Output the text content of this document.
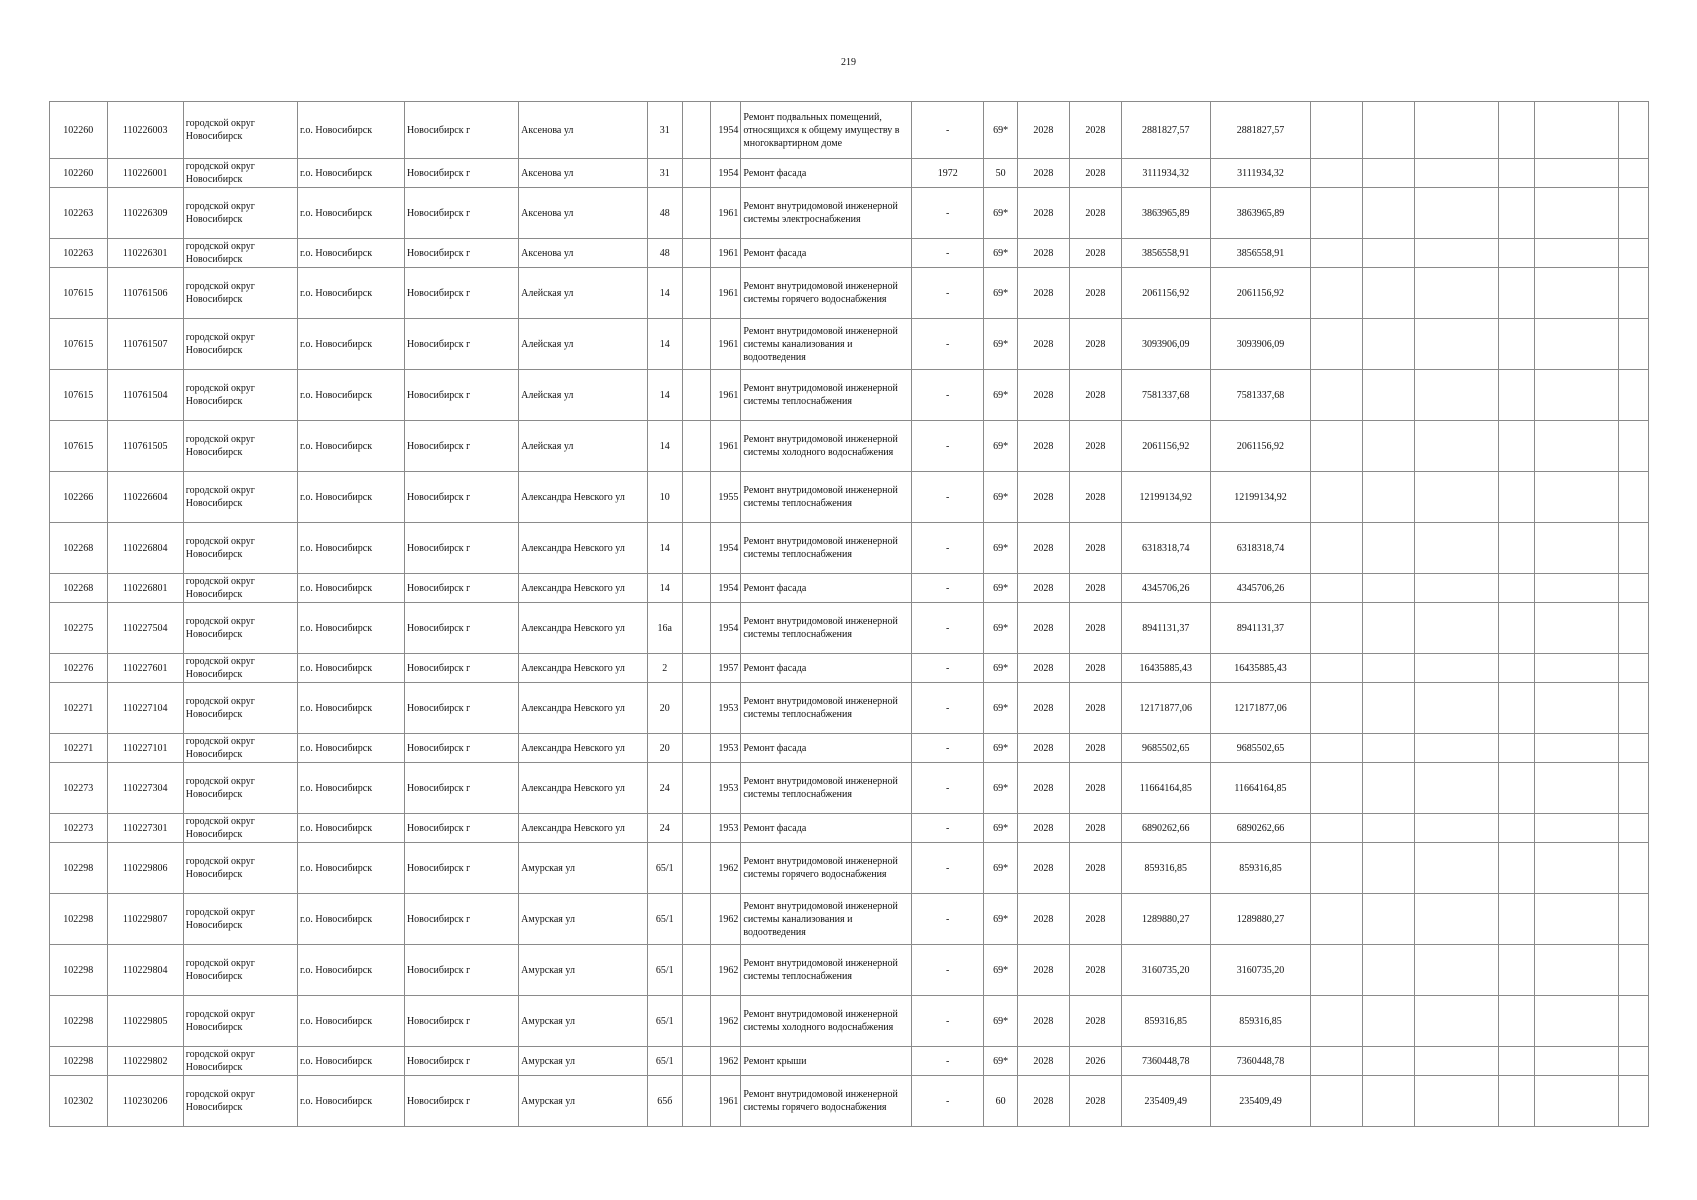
219
102260	110226003	городской округ Новосибирск	г.о. Новосибирск	Новосибирск г	Аксенова ул	31		1954	Ремонт подвальных помещений, относящихся к общему имуществу в многоквартирном доме	-	69*	2028	2028	2881827,57	2881827,57						
102260	110226001	городской округ Новосибирск	г.о. Новосибирск	Новосибирск г	Аксенова ул	31		1954	Ремонт фасада	1972	50	2028	2028	3111934,32	3111934,32						
102263	110226309	городской округ Новосибирск	г.о. Новосибирск	Новосибирск г	Аксенова ул	48		1961	Ремонт внутридомовой инженерной системы электроснабжения	-	69*	2028	2028	3863965,89	3863965,89						
102263	110226301	городской округ Новосибирск	г.о. Новосибирск	Новосибирск г	Аксенова ул	48		1961	Ремонт фасада	-	69*	2028	2028	3856558,91	3856558,91						
107615	110761506	городской округ Новосибирск	г.о. Новосибирск	Новосибирск г	Алейская ул	14		1961	Ремонт внутридомовой инженерной системы горячего водоснабжения	-	69*	2028	2028	2061156,92	2061156,92						
107615	110761507	городской округ Новосибирск	г.о. Новосибирск	Новосибирск г	Алейская ул	14		1961	Ремонт внутридомовой инженерной системы канализования и водоотведения	-	69*	2028	2028	3093906,09	3093906,09						
107615	110761504	городской округ Новосибирск	г.о. Новосибирск	Новосибирск г	Алейская ул	14		1961	Ремонт внутридомовой инженерной системы теплоснабжения	-	69*	2028	2028	7581337,68	7581337,68						
107615	110761505	городской округ Новосибирск	г.о. Новосибирск	Новосибирск г	Алейская ул	14		1961	Ремонт внутридомовой инженерной системы холодного водоснабжения	-	69*	2028	2028	2061156,92	2061156,92						
102266	110226604	городской округ Новосибирск	г.о. Новосибирск	Новосибирск г	Александра Невского ул	10		1955	Ремонт внутридомовой инженерной системы теплоснабжения	-	69*	2028	2028	12199134,92	12199134,92						
102268	110226804	городской округ Новосибирск	г.о. Новосибирск	Новосибирск г	Александра Невского ул	14		1954	Ремонт внутридомовой инженерной системы теплоснабжения	-	69*	2028	2028	6318318,74	6318318,74						
102268	110226801	городской округ Новосибирск	г.о. Новосибирск	Новосибирск г	Александра Невского ул	14		1954	Ремонт фасада	-	69*	2028	2028	4345706,26	4345706,26						
102275	110227504	городской округ Новосибирск	г.о. Новосибирск	Новосибирск г	Александра Невского ул	16а		1954	Ремонт внутридомовой инженерной системы теплоснабжения	-	69*	2028	2028	8941131,37	8941131,37						
102276	110227601	городской округ Новосибирск	г.о. Новосибирск	Новосибирск г	Александра Невского ул	2		1957	Ремонт фасада	-	69*	2028	2028	16435885,43	16435885,43						
102271	110227104	городской округ Новосибирск	г.о. Новосибирск	Новосибирск г	Александра Невского ул	20		1953	Ремонт внутридомовой инженерной системы теплоснабжения	-	69*	2028	2028	12171877,06	12171877,06						
102271	110227101	городской округ Новосибирск	г.о. Новосибирск	Новосибирск г	Александра Невского ул	20		1953	Ремонт фасада	-	69*	2028	2028	9685502,65	9685502,65						
102273	110227304	городской округ Новосибирск	г.о. Новосибирск	Новосибирск г	Александра Невского ул	24		1953	Ремонт внутридомовой инженерной системы теплоснабжения	-	69*	2028	2028	11664164,85	11664164,85						
102273	110227301	городской округ Новосибирск	г.о. Новосибирск	Новосибирск г	Александра Невского ул	24		1953	Ремонт фасада	-	69*	2028	2028	6890262,66	6890262,66						
102298	110229806	городской округ Новосибирск	г.о. Новосибирск	Новосибирск г	Амурская ул	65/1		1962	Ремонт внутридомовой инженерной системы горячего водоснабжения	-	69*	2028	2028	859316,85	859316,85						
102298	110229807	городской округ Новосибирск	г.о. Новосибирск	Новосибирск г	Амурская ул	65/1		1962	Ремонт внутридомовой инженерной системы канализования и водоотведения	-	69*	2028	2028	1289880,27	1289880,27						
102298	110229804	городской округ Новосибирск	г.о. Новосибирск	Новосибирск г	Амурская ул	65/1		1962	Ремонт внутридомовой инженерной системы теплоснабжения	-	69*	2028	2028	3160735,20	3160735,20						
102298	110229805	городской округ Новосибирск	г.о. Новосибирск	Новосибирск г	Амурская ул	65/1		1962	Ремонт внутридомовой инженерной системы холодного водоснабжения	-	69*	2028	2028	859316,85	859316,85						
102298	110229802	городской округ Новосибирск	г.о. Новосибирск	Новосибирск г	Амурская ул	65/1		1962	Ремонт крыши	-	69*	2028	2026	7360448,78	7360448,78						
102302	110230206	городской округ Новосибирск	г.о. Новосибирск	Новосибирск г	Амурская ул	65б		1961	Ремонт внутридомовой инженерной системы горячего водоснабжения	-	60	2028	2028	235409,49	235409,49						
